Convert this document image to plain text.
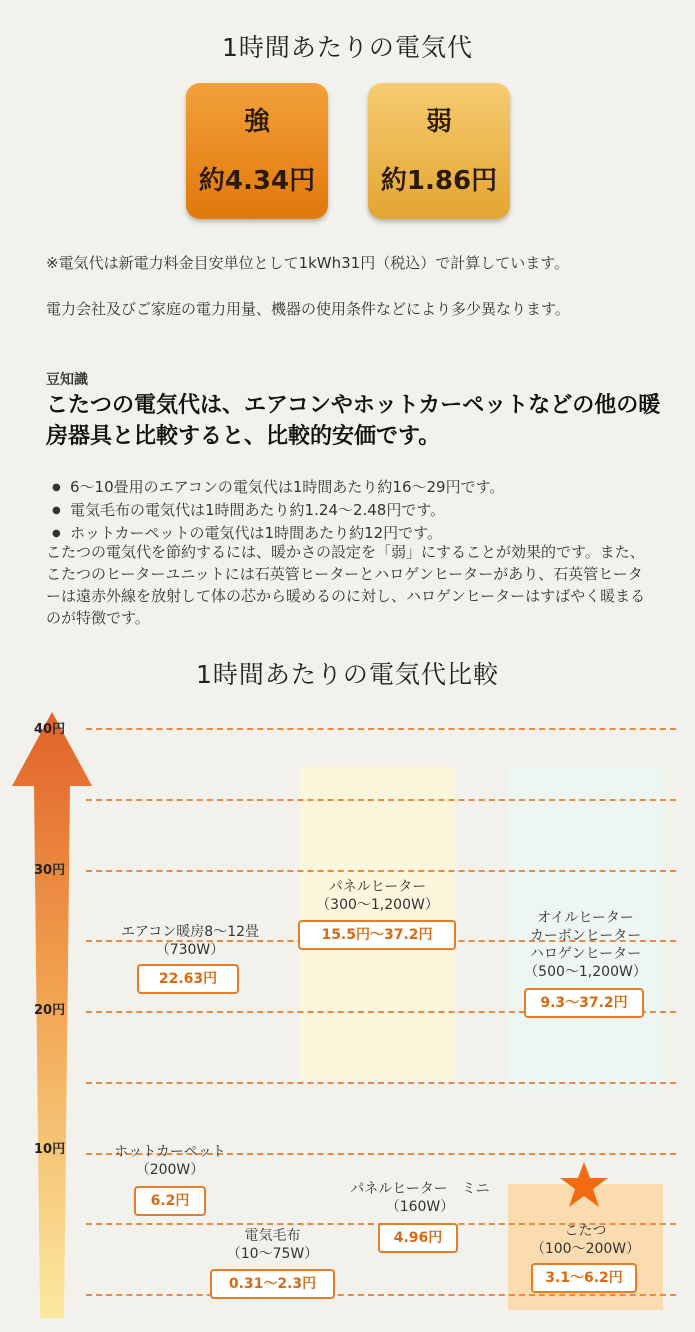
1時間あたりの電気代
強
約4.34円
弱
約1.86円
※電気代は新電力料金目安単位として1kWh31円（税込）で計算しています。
電力会社及びご家庭の電力用量、機器の使用条件などにより多少異なります。
豆知識
こたつの電気代は、エアコンやホットカーペットなどの他の暖房器具と比較すると、比較的安価です。
● 6～10畳用のエアコンの電気代は1時間あたり約16～29円です。
● 電気毛布の電気代は1時間あたり約1.24～2.48円です。
● ホットカーペットの電気代は1時間あたり約12円です。
こたつの電気代を節約するには、暖かさの設定を「弱」にすることが効果的です。また、こたつのヒーターユニットには石英管ヒーターとハロゲンヒーターがあり、石英管ヒーターは遠赤外線を放射して体の芯から暖めるのに対し、ハロゲンヒーターはすばやく暖まるのが特徴です。
1時間あたりの電気代比較
10円
20円
30円
40円
エアコン暖房8～12畳
（730W）
22.63円
パネルヒーター
（300～1,200W）
15.5円～37.2円
オイルヒーター
カーボンヒーター
ハロゲンヒーター
（500～1,200W）
9.3～37.2円
ホットカーペット
（200W）
6.2円
パネルヒーター　ミニ
（160W）
4.96円
電気毛布
（10～75W）
0.31～2.3円
こたつ
（100～200W）
3.1～6.2円
